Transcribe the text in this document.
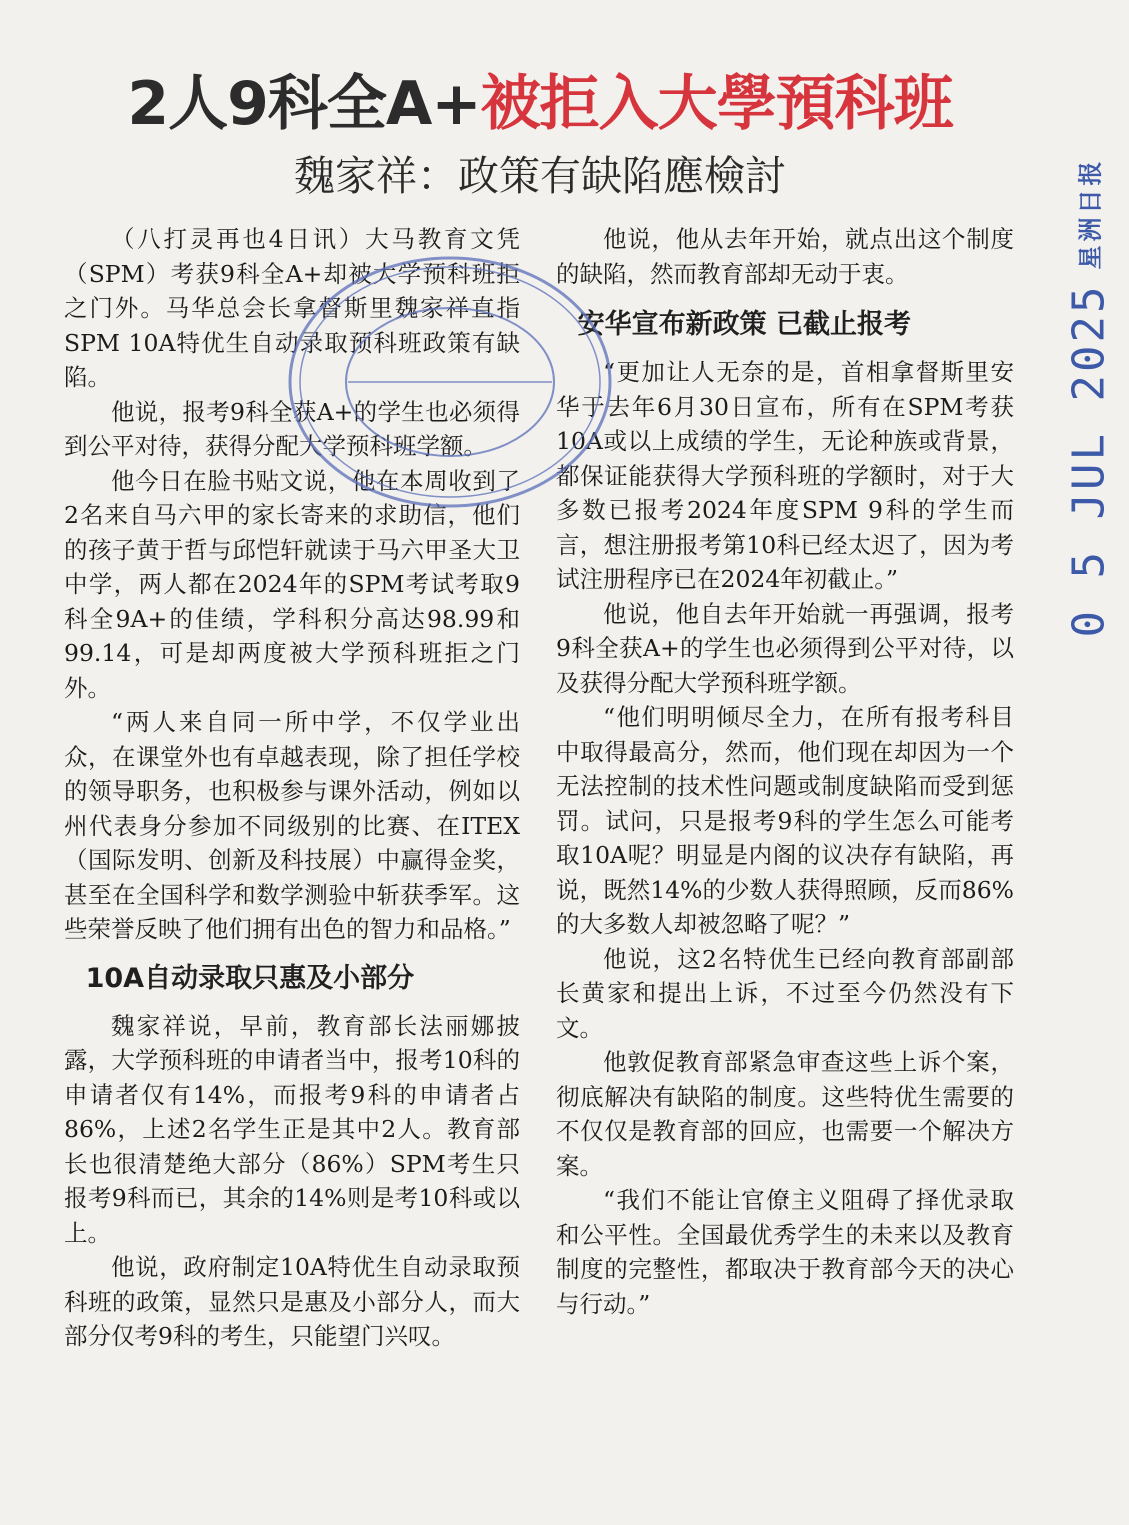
2人9科全A+被拒入大學預科班
魏家祥：政策有缺陷應檢討

（八打灵再也4日讯）大马教育文凭（SPM）考获9科全A+却被大学预科班拒之门外。马华总会长拿督斯里魏家祥直指SPM 10A特优生自动录取预科班政策有缺陷。

他说，报考9科全获A+的学生也必须得到公平对待，获得分配大学预科班学额。

他今日在脸书贴文说，他在本周收到了2名来自马六甲的家长寄来的求助信，他们的孩子黄于哲与邱恺轩就读于马六甲圣大卫中学，两人都在2024年的SPM考试考取9科全9A+的佳绩，学科积分高达98.99和99.14，可是却两度被大学预科班拒之门外。

“两人来自同一所中学，不仅学业出众，在课堂外也有卓越表现，除了担任学校的领导职务，也积极参与课外活动，例如以州代表身分参加不同级别的比赛、在ITEX（国际发明、创新及科技展）中赢得金奖，甚至在全国科学和数学测验中斩获季军。这些荣誉反映了他们拥有出色的智力和品格。”

10A自动录取只惠及小部分

魏家祥说，早前，教育部长法丽娜披露，大学预科班的申请者当中，报考10科的申请者仅有14%，而报考9科的申请者占86%，上述2名学生正是其中2人。教育部长也很清楚绝大部分（86%）SPM考生只报考9科而已，其余的14%则是考10科或以上。

他说，政府制定10A特优生自动录取预科班的政策，显然只是惠及小部分人，而大部分仅考9科的考生，只能望门兴叹。

他说，他从去年开始，就点出这个制度的缺陷，然而教育部却无动于衷。

安华宣布新政策 已截止报考

“更加让人无奈的是，首相拿督斯里安华于去年6月30日宣布，所有在SPM考获10A或以上成绩的学生，无论种族或背景，都保证能获得大学预科班的学额时，对于大多数已报考2024年度SPM 9科的学生而言，想注册报考第10科已经太迟了，因为考试注册程序已在2024年初截止。”

他说，他自去年开始就一再强调，报考9科全获A+的学生也必须得到公平对待，以及获得分配大学预科班学额。

“他们明明倾尽全力，在所有报考科目中取得最高分，然而，他们现在却因为一个无法控制的技术性问题或制度缺陷而受到惩罚。试问，只是报考9科的学生怎么可能考取10A呢？明显是内阁的议决存有缺陷，再说，既然14%的少数人获得照顾，反而86%的大多数人却被忽略了呢？”

他说，这2名特优生已经向教育部副部长黄家和提出上诉，不过至今仍然没有下文。

他敦促教育部紧急审查这些上诉个案，彻底解决有缺陷的制度。这些特优生需要的不仅仅是教育部的回应，也需要一个解决方案。

“我们不能让官僚主义阻碍了择优录取和公平性。全国最优秀学生的未来以及教育制度的完整性，都取决于教育部今天的决心与行动。”

星洲日报
0 5 JUL 2025
